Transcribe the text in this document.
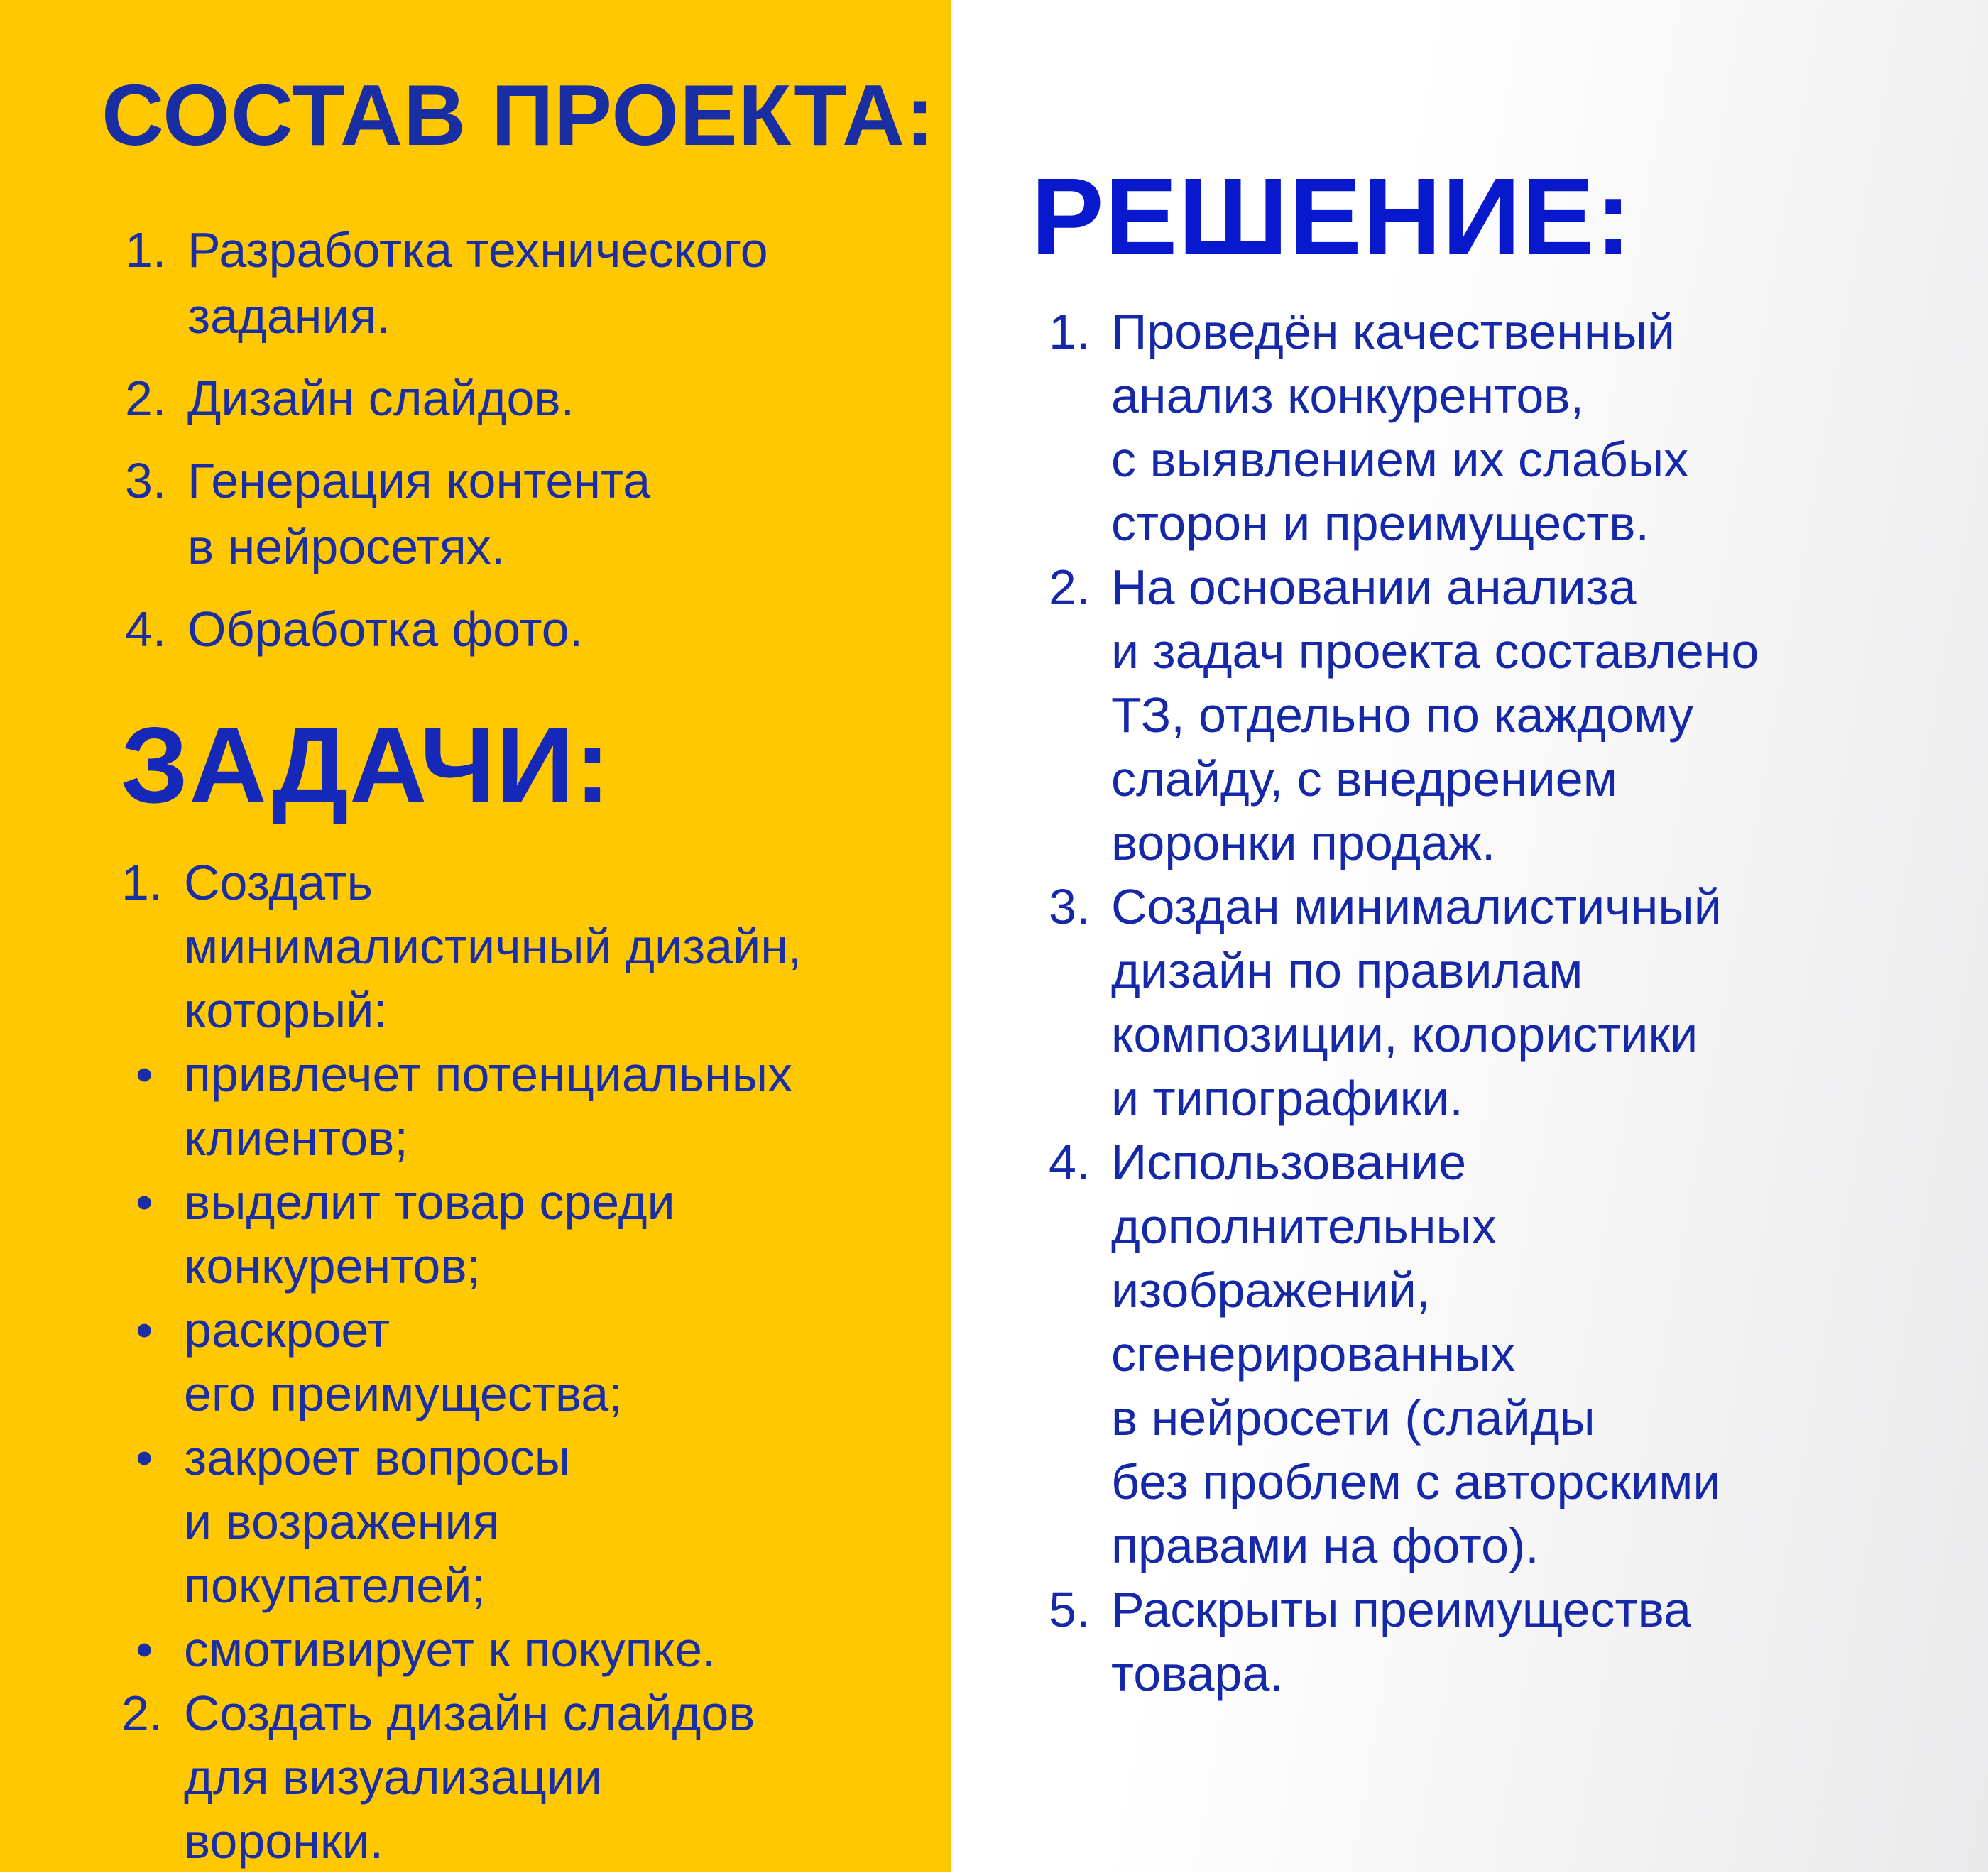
СОСТАВ ПРОЕКТА:
1. Разработка технического
задания.
2. Дизайн слайдов.
3. Генерация контента
в нейросетях.
4. Обработка фото.
ЗАДАЧИ:
1. Создать
минималистичный дизайн,
который:
• привлечет потенциальных
клиентов;
• выделит товар среди
конкурентов;
• раскроет
его преимущества;
• закроет вопросы
и возражения
покупателей;
• смотивирует к покупке.
2. Создать дизайн слайдов
для визуализации
воронки.
РЕШЕНИЕ:
1. Проведён качественный
анализ конкурентов,
с выявлением их слабых
сторон и преимуществ.
2. На основании анализа
и задач проекта составлено
ТЗ, отдельно по каждому
слайду, с внедрением
воронки продаж.
3. Создан минималистичный
дизайн по правилам
композиции, колористики
и типографики.
4. Использование
дополнительных
изображений,
сгенерированных
в нейросети (слайды
без проблем с авторскими
правами на фото).
5. Раскрыты преимущества
товара.
